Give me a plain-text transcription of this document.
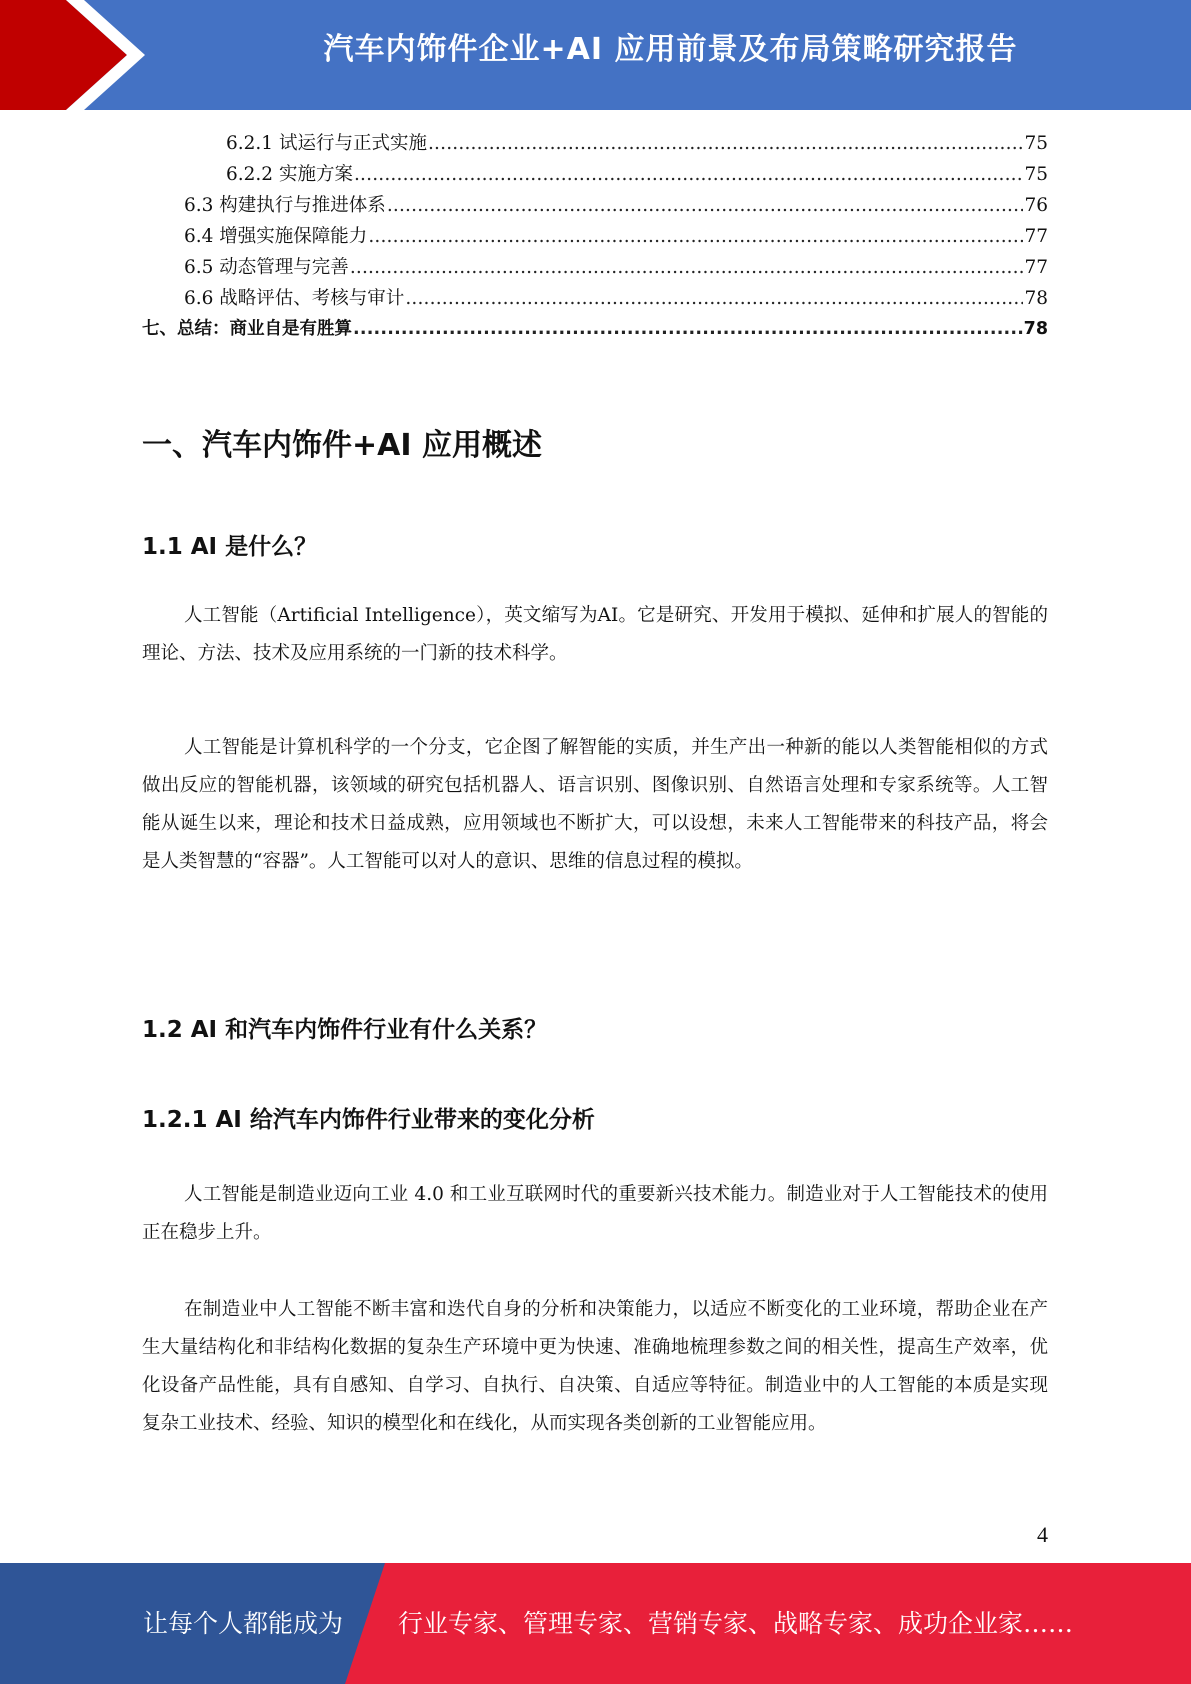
汽车内饰件企业+AI 应用前景及布局策略研究报告
6.2.1 试运行与正式实施 .....	75
6.2.2 实施方案 .....	75
6.3 构建执行与推进体系 .....	76
6.4 增强实施保障能力 .....	77
6.5 动态管理与完善 .....	77
6.6 战略评估、考核与审计 .....	78
七、总结：商业自是有胜算 .....	78
一、汽车内饰件+AI 应用概述
1.1 AI 是什么？

人工智能（Artificial Intelligence），英文缩写为AI。它是研究、开发用于模拟、延伸和扩展人的智能的理论、方法、技术及应用系统的一门新的技术科学。

人工智能是计算机科学的一个分支，它企图了解智能的实质，并生产出一种新的能以人类智能相似的方式做出反应的智能机器，该领域的研究包括机器人、语言识别、图像识别、自然语言处理和专家系统等。人工智能从诞生以来，理论和技术日益成熟，应用领域也不断扩大，可以设想，未来人工智能带来的科技产品，将会是人类智慧的“容器”。人工智能可以对人的意识、思维的信息过程的模拟。

1.2 AI 和汽车内饰件行业有什么关系？
1.2.1 AI 给汽车内饰件行业带来的变化分析

人工智能是制造业迈向工业 4.0 和工业互联网时代的重要新兴技术能力。制造业对于人工智能技术的使用正在稳步上升。

在制造业中人工智能不断丰富和迭代自身的分析和决策能力，以适应不断变化的工业环境，帮助企业在产生大量结构化和非结构化数据的复杂生产环境中更为快速、准确地梳理参数之间的相关性，提高生产效率，优化设备产品性能，具有自感知、自学习、自执行、自决策、自适应等特征。制造业中的人工智能的本质是实现复杂工业技术、经验、知识的模型化和在线化，从而实现各类创新的工业智能应用。

4
让每个人都能成为 行业专家、管理专家、营销专家、战略专家、成功企业家……
